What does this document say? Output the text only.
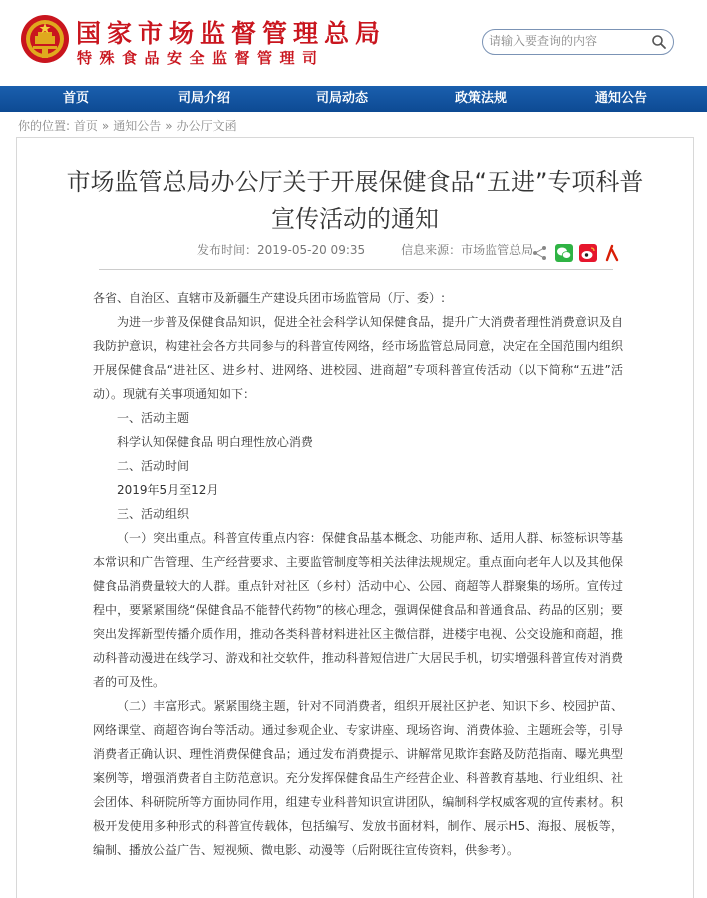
国家市场监督管理总局
特殊食品安全监督管理司
请输入要查询的内容
首页	司局介绍	司局动态	政策法规	通知公告
你的位置: 首页 » 通知公告 » 办公厅文函
市场监管总局办公厅关于开展保健食品“五进”专项科普宣传活动的通知
发布时间：2019-05-20 09:35	信息来源：市场监管总局

各省、自治区、直辖市及新疆生产建设兵团市场监管局（厅、委）:

为进一步普及保健食品知识，促进全社会科学认知保健食品，提升广大消费者理性消费意识及自我防护意识，构建社会各方共同参与的科普宣传网络，经市场监管总局同意，决定在全国范围内组织开展保健食品“进社区、进乡村、进网络、进校园、进商超”专项科普宣传活动（以下简称“五进”活动）。现就有关事项通知如下：

一、活动主题

科学认知保健食品 明白理性放心消费

二、活动时间

2019年5月至12月

三、活动组织

（一）突出重点。科普宣传重点内容：保健食品基本概念、功能声称、适用人群、标签标识等基本常识和广告管理、生产经营要求、主要监管制度等相关法律法规规定。重点面向老年人以及其他保健食品消费量较大的人群。重点针对社区（乡村）活动中心、公园、商超等人群聚集的场所。宣传过程中，要紧紧围绕“保健食品不能替代药物”的核心理念，强调保健食品和普通食品、药品的区别；要突出发挥新型传播介质作用，推动各类科普材料进社区主微信群，进楼宇电视、公交设施和商超，推动科普动漫进在线学习、游戏和社交软件，推动科普短信进广大居民手机，切实增强科普宣传对消费者的可及性。

（二）丰富形式。紧紧围绕主题，针对不同消费者，组织开展社区护老、知识下乡、校园护苗、网络课堂、商超咨询台等活动。通过参观企业、专家讲座、现场咨询、消费体验、主题班会等，引导消费者正确认识、理性消费保健食品；通过发布消费提示、讲解常见欺诈套路及防范指南、曝光典型案例等，增强消费者自主防范意识。充分发挥保健食品生产经营企业、科普教育基地、行业组织、社会团体、科研院所等方面协同作用，组建专业科普知识宣讲团队，编制科学权威客观的宣传素材。积极开发使用多种形式的科普宣传载体，包括编写、发放书面材料，制作、展示H5、海报、展板等，编制、播放公益广告、短视频、微电影、动漫等（后附既往宣传资料，供参考）。
